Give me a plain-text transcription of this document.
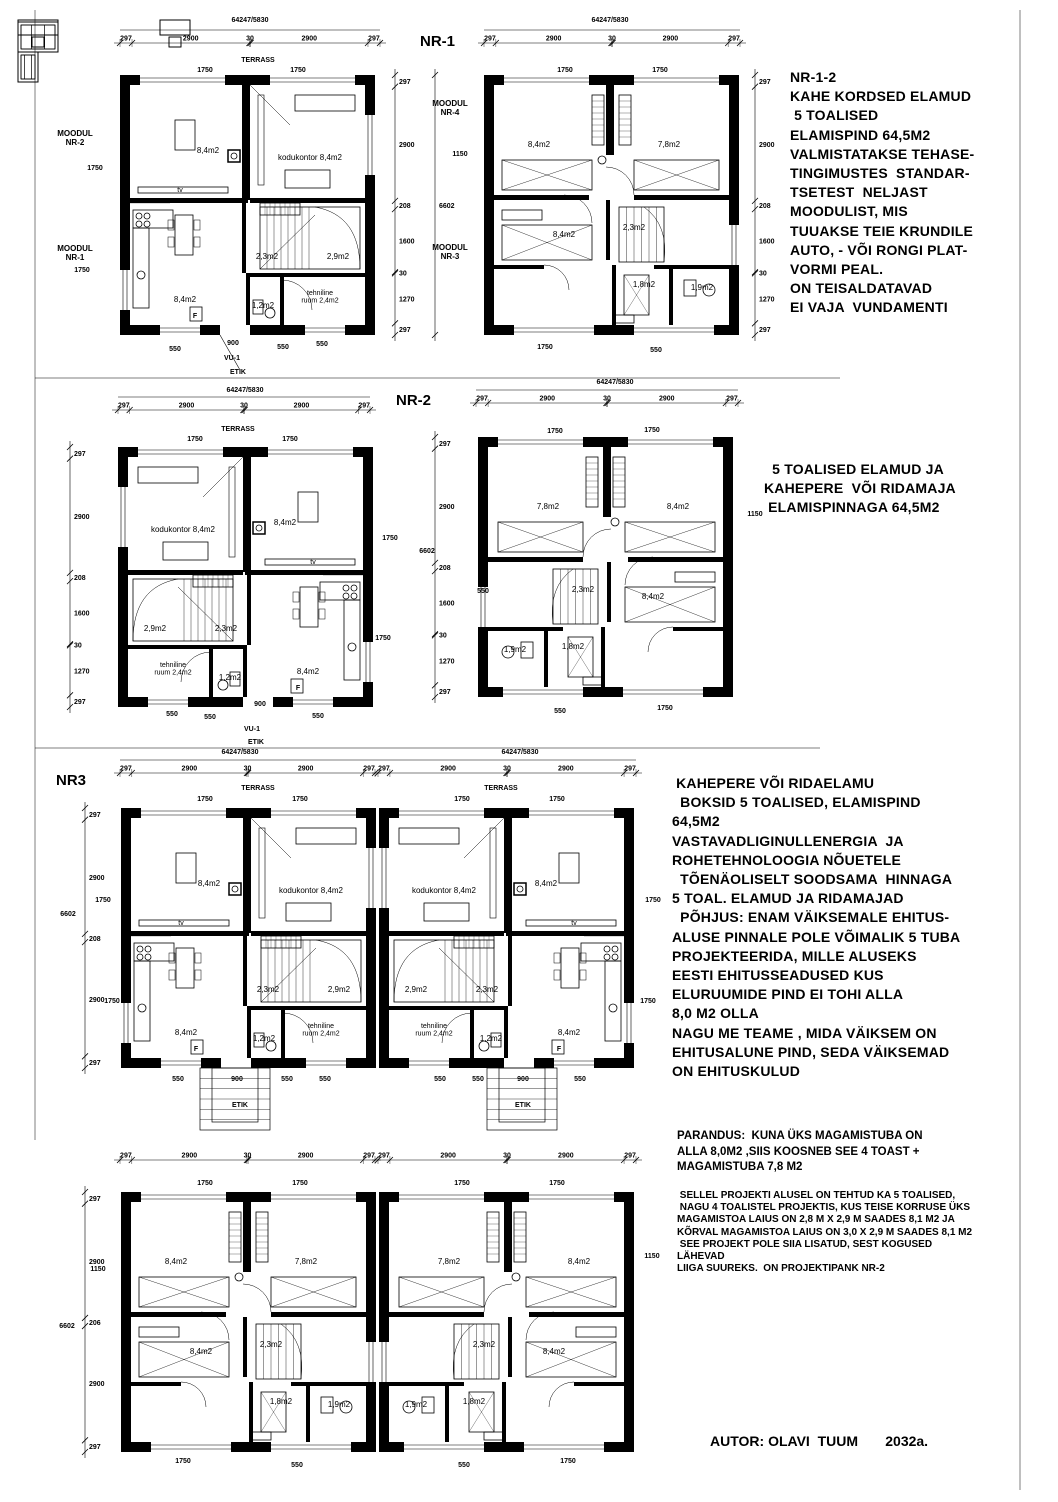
297	2900	30	2900	297
64247/5830
TERRASS
1750	1750
8,4m2
kodukontor 8,4m2
8,4m2
2,3m2	2,9m2
1,2m2
tehniline ruum 2,4m2
tv
F
297
2900
208
1600
30
1270
297
MOODUL NR-2
MOODUL NR-1
1750
1750
550
900
550	550
VU-1
ETIK
297	2900	30	2900	297
64247/5830
1750	1750
8,4m2	7,8m2
8,4m2
2,3m2
1,8m2	1,9m2
297
2900
208
1600
30
1270
297
6602
MOODUL NR-4
MOODUL NR-3
1150
1750	550
297	2900	30	2900	297
64247/5830
TERRASS
8,4m2
kodukontor 8,4m2
8,4m2
2,3m2
2,9m2
1,2m2
tehniline ruum 2,4m2
tv
F
1750	1750
297
2900
208
1600
30
1270
297
1750
1750
550	550
900
550
VU-1
ETIK
297	2900	30	2900	297
64247/5830
8,4m2
7,8m2
8,4m2
2,3m2
1,8m2
1,9m2
1750	1750
297
2900
208
1600
30
1270
297
1150
550
550	1750
6602
297	2900	30	2900	297 297	2900	30	2900	297
64247/5830	64247/5830
TERRASS	TERRASS
1750	1750	1750	1750
8,4m2
kodukontor 8,4m2
8,4m2
2,3m2	2,9m2
1,2m2
tehniline ruum 2,4m2
tv
F
8,4m2
kodukontor 8,4m2
8,4m2
2,3m2
2,9m2
1,2m2
tehniline ruum 2,4m2
tv
F
297
2900
208
2900
297
6602
1750
1750
1750
1750
550	900	550	550	550	550	900	550
ETIK	ETIK
297	2900	30	2900	297 297	2900	30	2900	297
1750	1750	1750	1750
8,4m2	7,8m2
8,4m2
2,3m2
1,8m2	1,9m2
8,4m2
7,8m2
8,4m2
2,3m2
1,8m2
1,9m2
297
2900
206
2900
297
1150
6602
1150
1750
550	550
1750
NR-1
NR-2
NR3
NR-1-2
KAHE KORDSED ELAMUD
5 TOALISED
ELAMISPIND 64,5M2
VALMISTATAKSE TEHASE-
TINGIMUSTES  STANDAR-
TSETEST  NELJAST
MOODULIST, MIS
TUUAKSE TEIE KRUNDILE
AUTO, - VÕI RONGI PLAT-
VORMI PEAL.
ON TEISALDATAVAD
EI VAJA  VUNDAMENTI
5 TOALISED ELAMUD JA
KAHEPERE  VÕI RIDAMAJA
ELAMISPINNAGA 64,5M2
KAHEPERE VÕI RIDAELAMU
BOKSID 5 TOALISED, ELAMISPIND
64,5M2
VASTAVADLIGINULLENERGIA  JA
ROHETEHNOLOOGIA NÕUETELE
TÕENÄOLISELT SOODSAMA  HINNAGA
5 TOAL. ELAMUD JA RIDAMAJAD
PÕHJUS: ENAM VÄIKSEMALE EHITUS-
ALUSE PINNALE POLE VÕIMALIK 5 TUBA
PROJEKTEERIDA, MILLE ALUSEKS
EESTI EHITUSSEADUSED KUS
ELURUUMIDE PIND EI TOHI ALLA
8,0 M2 OLLA
NAGU ME TEAME , MIDA VÄIKSEM ON
EHITUSALUNE PIND, SEDA VÄIKSEMAD
ON EHITUSKULUD
PARANDUS:  KUNA ÜKS MAGAMISTUBA ON
ALLA 8,0M2 ,SIIS KOOSNEB SEE 4 TOAST +
MAGAMISTUBA 7,8 M2
SELLEL PROJEKTI ALUSEL ON TEHTUD KA 5 TOALISED,
NAGU 4 TOALISTEL PROJEKTIS, KUS TEISE KORRUSE ÜKS
MAGAMISTOA LAIUS ON 2,8 M X 2,9 M SAADES 8,1 M2 JA
KÕRVAL MAGAMISTOA LAIUS ON 3,0 X 2,9 M SAADES 8,1 M2
SEE PROJEKT POLE SIIA LISATUD, SEST KOGUSED
LÄHEVAD
LIIGA SUUREKS.  ON PROJEKTIPANK NR-2
AUTOR: OLAVI  TUUM       2032a.
